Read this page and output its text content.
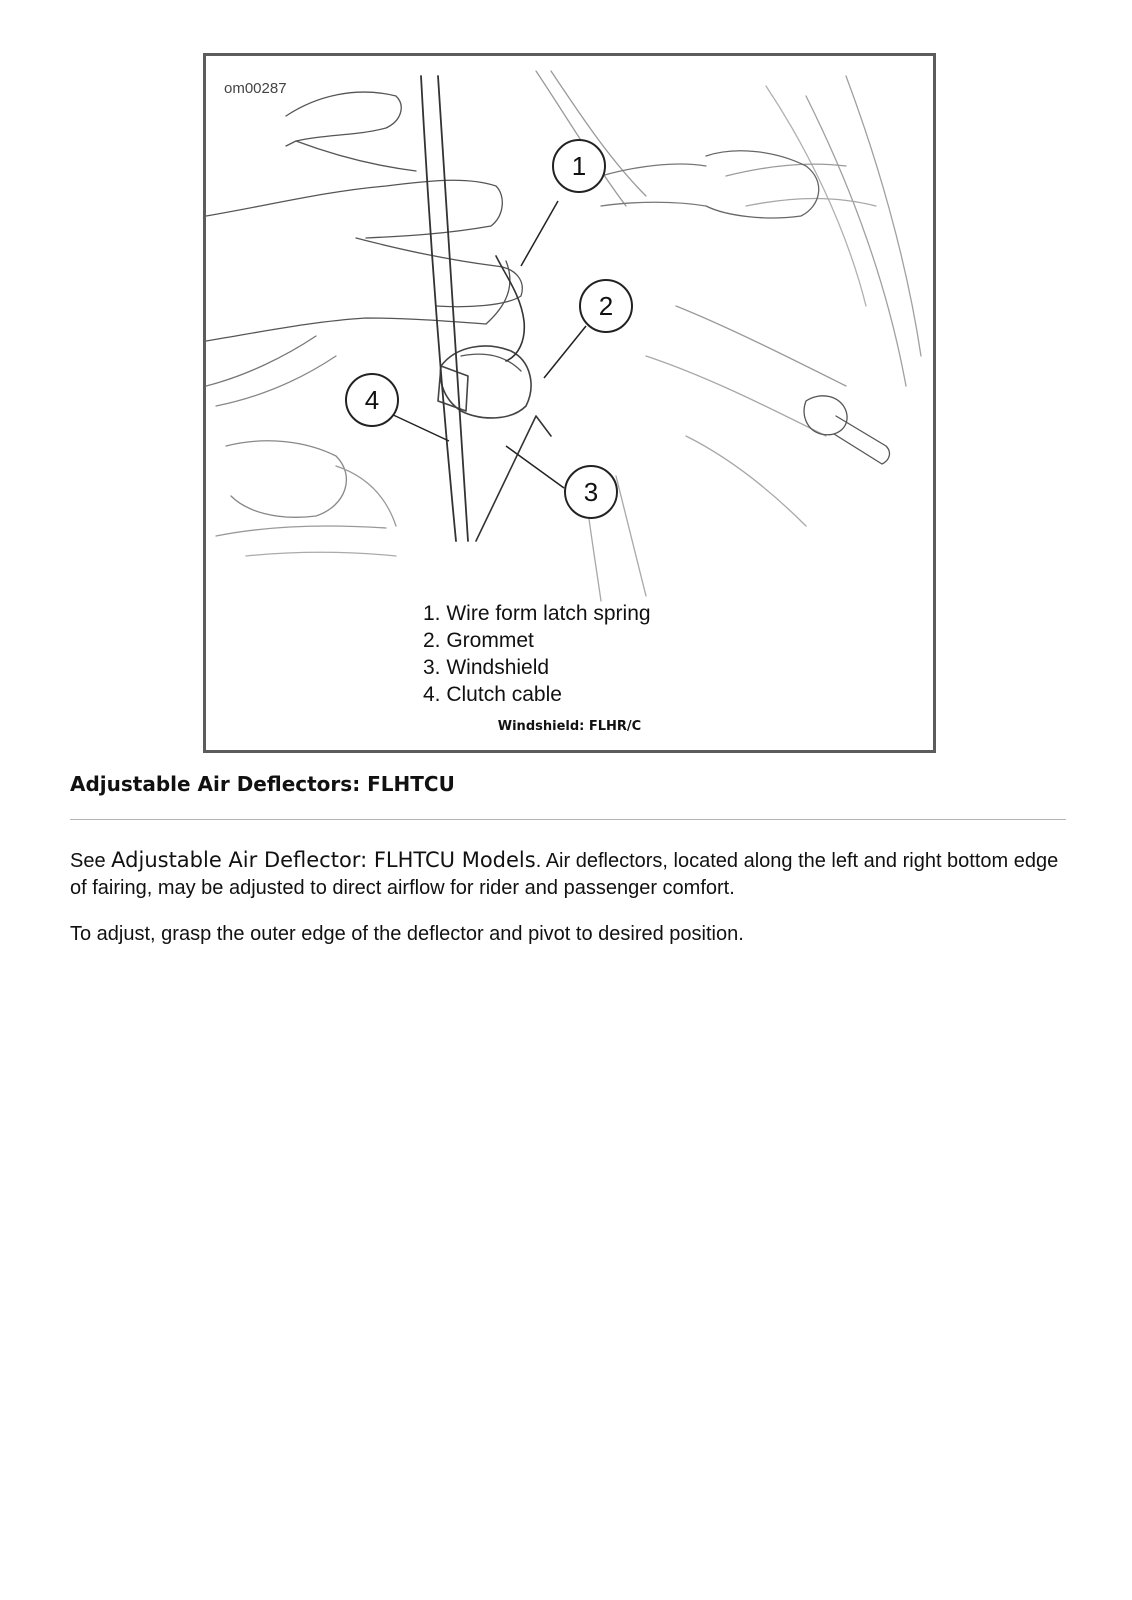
1
2
3
4
om00287
1. Wire form latch spring
2. Grommet
3. Windshield
4. Clutch cable
Windshield: FLHR/C
Adjustable Air Deflectors: FLHTCU

See Adjustable Air Deflector: FLHTCU Models. Air deflectors, located along the left and right bottom edge of fairing, may be adjusted to direct airflow for rider and passenger comfort.

To adjust, grasp the outer edge of the deflector and pivot to desired position.
